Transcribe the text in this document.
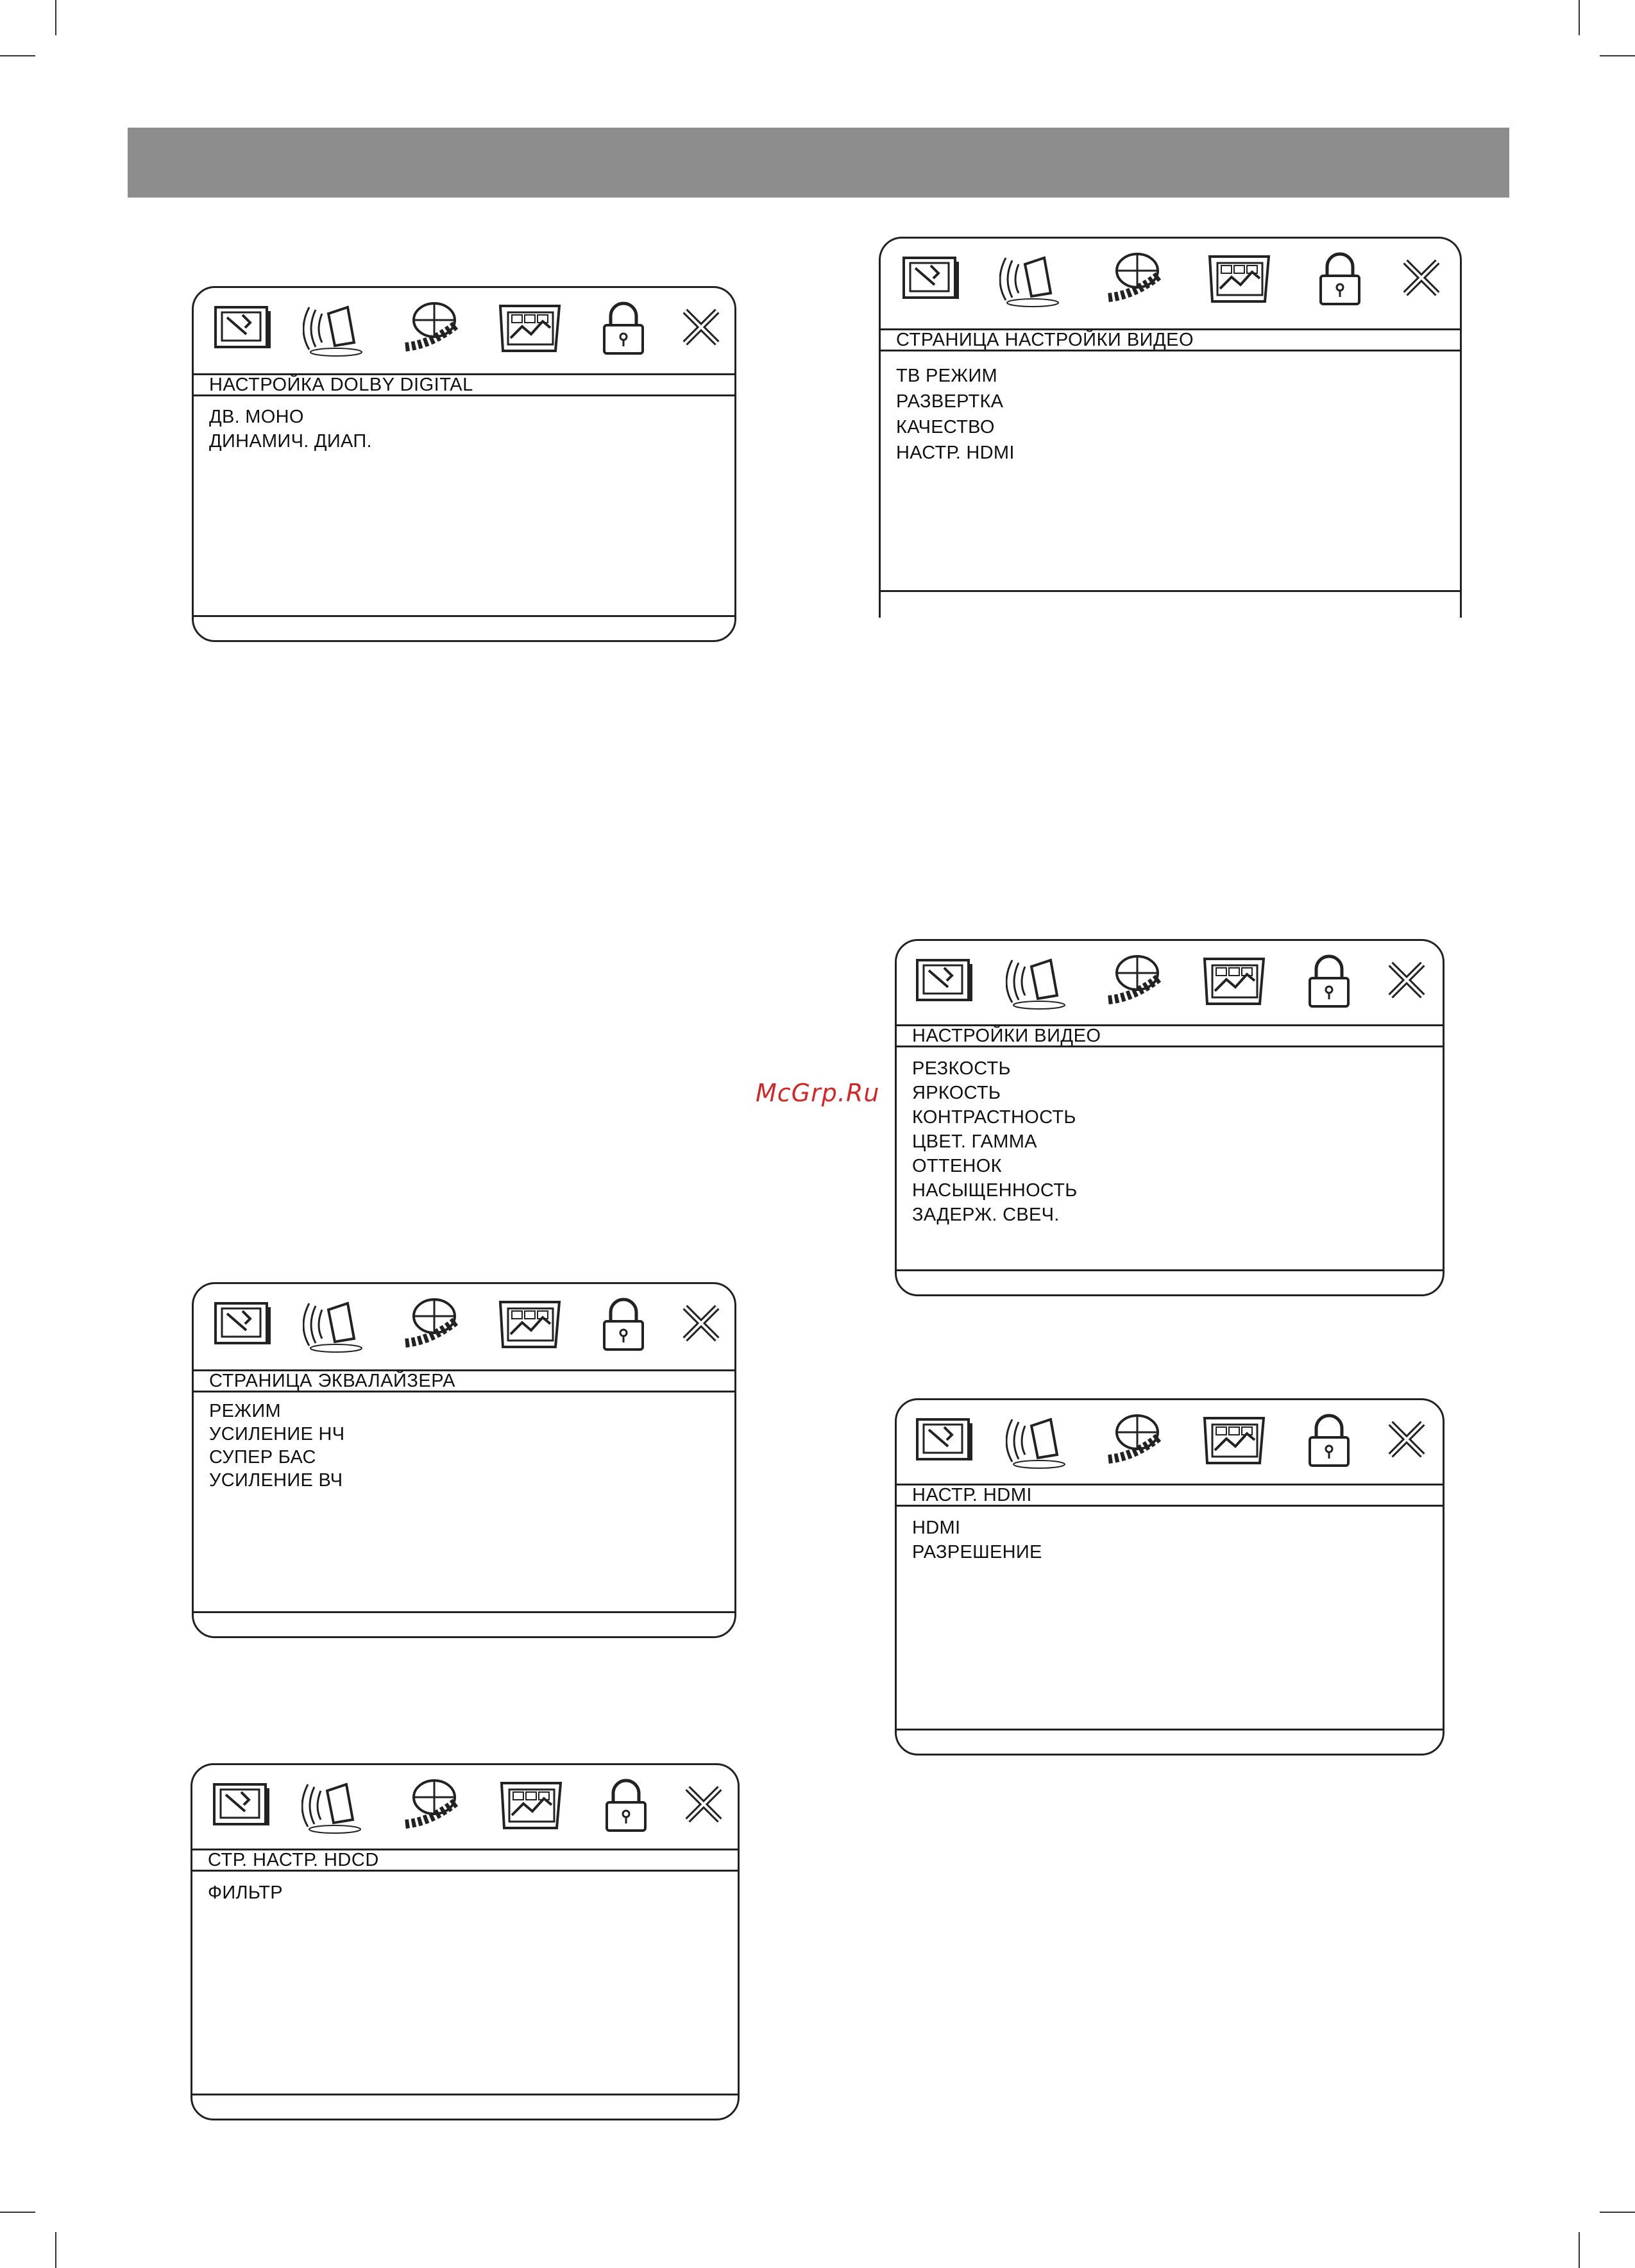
McGrp.Ru
НАСТРОЙКА DOLBY DIGITAL
ДВ. МОНО
ДИНАМИЧ. ДИАП.
СТРАНИЦА НАСТРОЙКИ ВИДЕО
ТВ РЕЖИМ
РАЗВЕРТКА
КАЧЕСТВО
НАСТР. HDMI
НАСТРОЙКИ ВИДЕО
РЕЗКОСТЬ
ЯРКОСТЬ
КОНТРАСТНОСТЬ
ЦВЕТ. ГАММА
ОТТЕНОК
НАСЫЩЕННОСТЬ
ЗАДЕРЖ. СВЕЧ.
СТРАНИЦА ЭКВАЛАЙЗЕРА
РЕЖИМ
УСИЛЕНИЕ НЧ
СУПЕР БАС
УСИЛЕНИЕ ВЧ
НАСТР. HDMI
HDMI
РАЗРЕШЕНИЕ
СТР. НАСТР. HDCD
ФИЛЬТР
